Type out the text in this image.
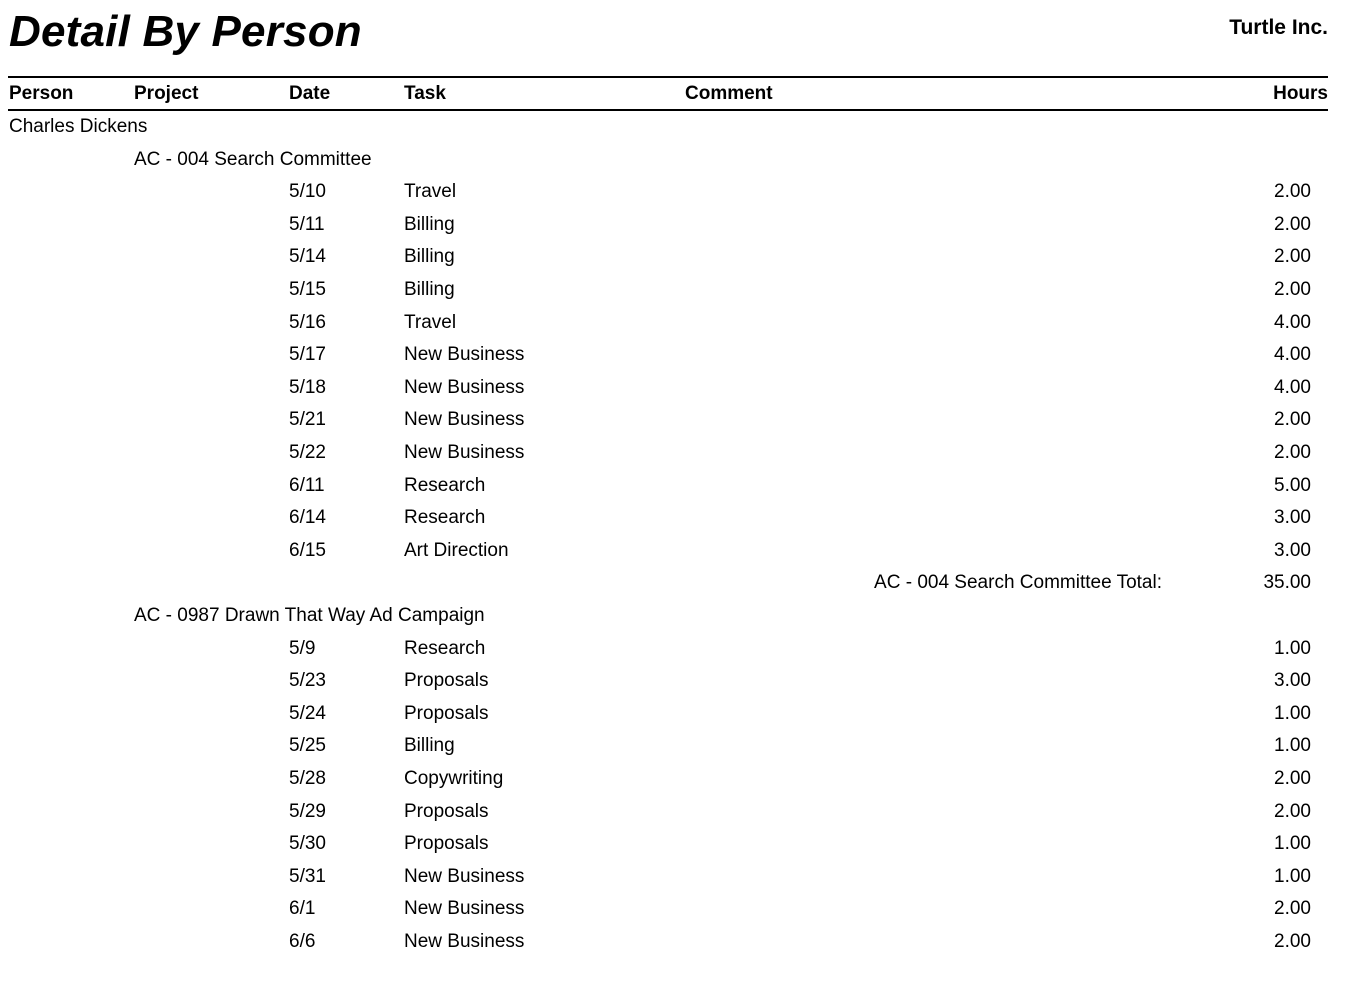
Detail By Person	Turtle Inc.
Person	Project	Date	Task	Comment	Hours
Charles Dickens
AC - 004 Search Committee
5/10	Travel	2.00
5/11	Billing	2.00
5/14	Billing	2.00
5/15	Billing	2.00
5/16	Travel	4.00
5/17	New Business	4.00
5/18	New Business	4.00
5/21	New Business	2.00
5/22	New Business	2.00
6/11	Research	5.00
6/14	Research	3.00
6/15	Art Direction	3.00
AC - 004 Search Committee Total:	35.00
AC - 0987 Drawn That Way Ad Campaign
5/9	Research	1.00
5/23	Proposals	3.00
5/24	Proposals	1.00
5/25	Billing	1.00
5/28	Copywriting	2.00
5/29	Proposals	2.00
5/30	Proposals	1.00
5/31	New Business	1.00
6/1	New Business	2.00
6/6	New Business	2.00
